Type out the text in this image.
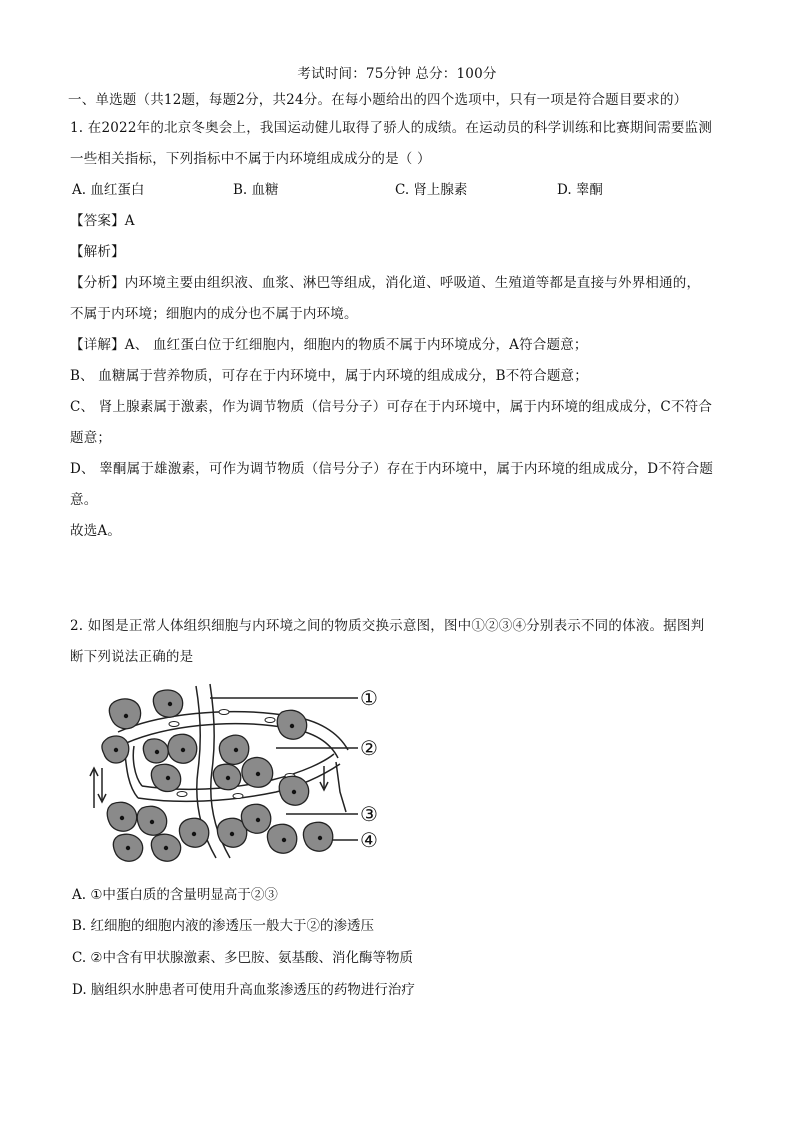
考试时间：75分钟 总分：100分
一、单选题（共12题，每题2分，共24分。在每小题给出的四个选项中，只有一项是符合题目要求的）
1. 在2022年的北京冬奥会上，我国运动健儿取得了骄人的成绩。在运动员的科学训练和比赛期间需要监测
一些相关指标，下列指标中不属于内环境组成成分的是（ ）
A. 血红蛋白	B. 血糖	C. 肾上腺素	D. 睾酮
【答案】A
【解析】
【分析】内环境主要由组织液、血浆、淋巴等组成，消化道、呼吸道、生殖道等都是直接与外界相通的，
不属于内环境；细胞内的成分也不属于内环境。
【详解】A、 血红蛋白位于红细胞内，细胞内的物质不属于内环境成分，A符合题意；
B、 血糖属于营养物质，可存在于内环境中，属于内环境的组成成分，B不符合题意；
C、 肾上腺素属于激素，作为调节物质（信号分子）可存在于内环境中，属于内环境的组成成分，C不符合
题意；
D、 睾酮属于雄激素，可作为调节物质（信号分子）存在于内环境中，属于内环境的组成成分，D不符合题
意。
故选A。
2. 如图是正常人体组织细胞与内环境之间的物质交换示意图，图中①②③④分别表示不同的体液。据图判
断下列说法正确的是
①
②
③
④
A. ①中蛋白质的含量明显高于②③
B. 红细胞的细胞内液的渗透压一般大于②的渗透压
C. ②中含有甲状腺激素、多巴胺、氨基酸、消化酶等物质
D. 脑组织水肿患者可使用升高血浆渗透压的药物进行治疗
